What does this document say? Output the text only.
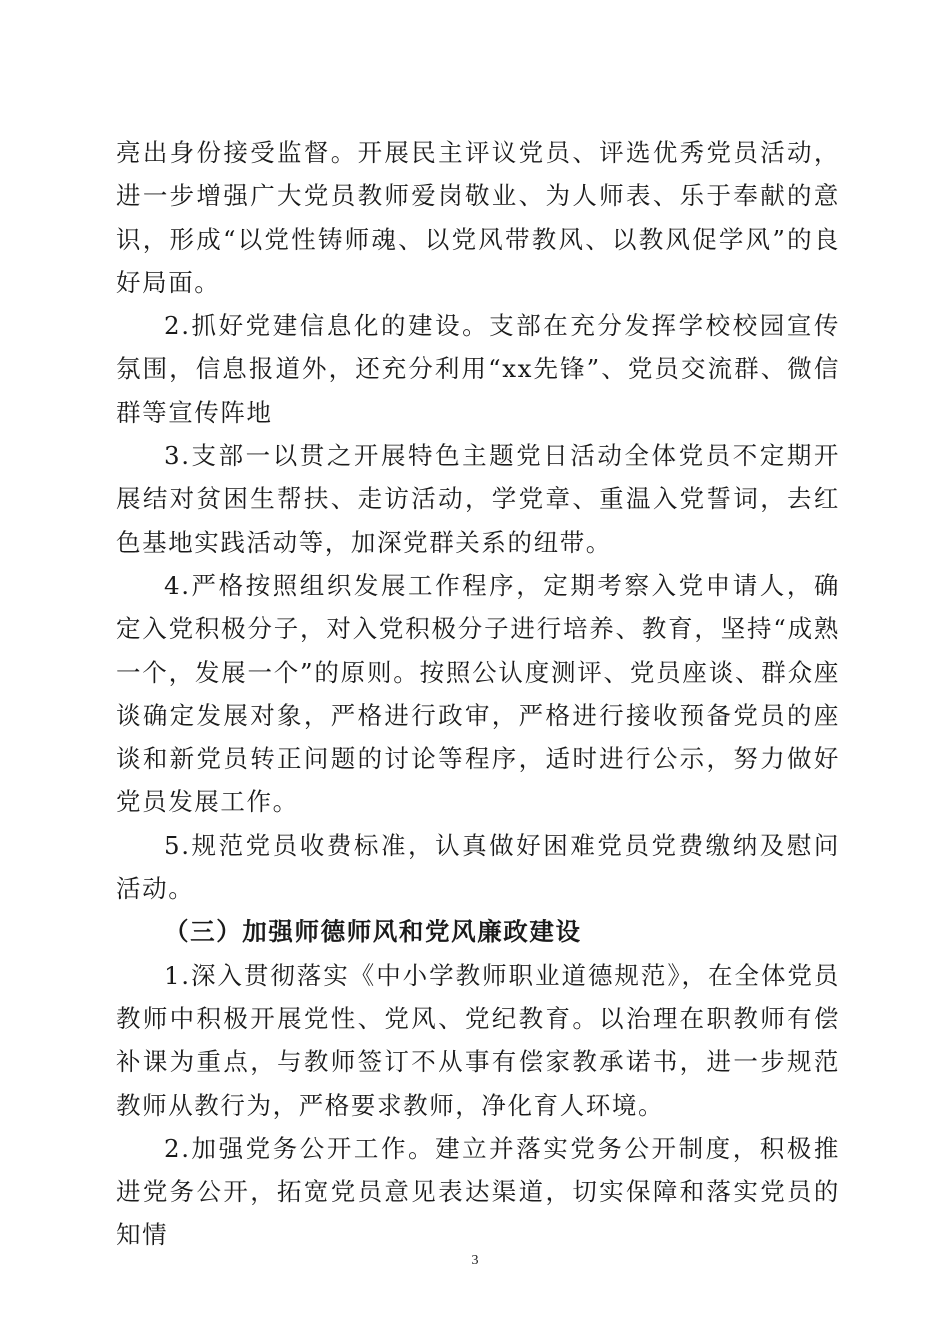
亮出身份接受监督。开展民主评议党员、评选优秀党员活动，进一步增强广大党员教师爱岗敬业、为人师表、乐于奉献的意识，形成“以党性铸师魂、以党风带教风、以教风促学风”的良好局面。

2.抓好党建信息化的建设。支部在充分发挥学校校园宣传氛围，信息报道外，还充分利用“xx先锋”、党员交流群、微信群等宣传阵地

3.支部一以贯之开展特色主题党日活动全体党员不定期开展结对贫困生帮扶、走访活动，学党章、重温入党誓词，去红色基地实践活动等，加深党群关系的纽带。

4.严格按照组织发展工作程序，定期考察入党申请人，确定入党积极分子，对入党积极分子进行培养、教育，坚持“成熟一个，发展一个”的原则。按照公认度测评、党员座谈、群众座谈确定发展对象，严格进行政审，严格进行接收预备党员的座谈和新党员转正问题的讨论等程序，适时进行公示，努力做好党员发展工作。

5.规范党员收费标准，认真做好困难党员党费缴纳及慰问活动。

（三）加强师德师风和党风廉政建设

1.深入贯彻落实《中小学教师职业道德规范》，在全体党员教师中积极开展党性、党风、党纪教育。以治理在职教师有偿补课为重点，与教师签订不从事有偿家教承诺书，进一步规范教师从教行为，严格要求教师，净化育人环境。

2.加强党务公开工作。建立并落实党务公开制度，积极推进党务公开，拓宽党员意见表达渠道，切实保障和落实党员的知情

3
